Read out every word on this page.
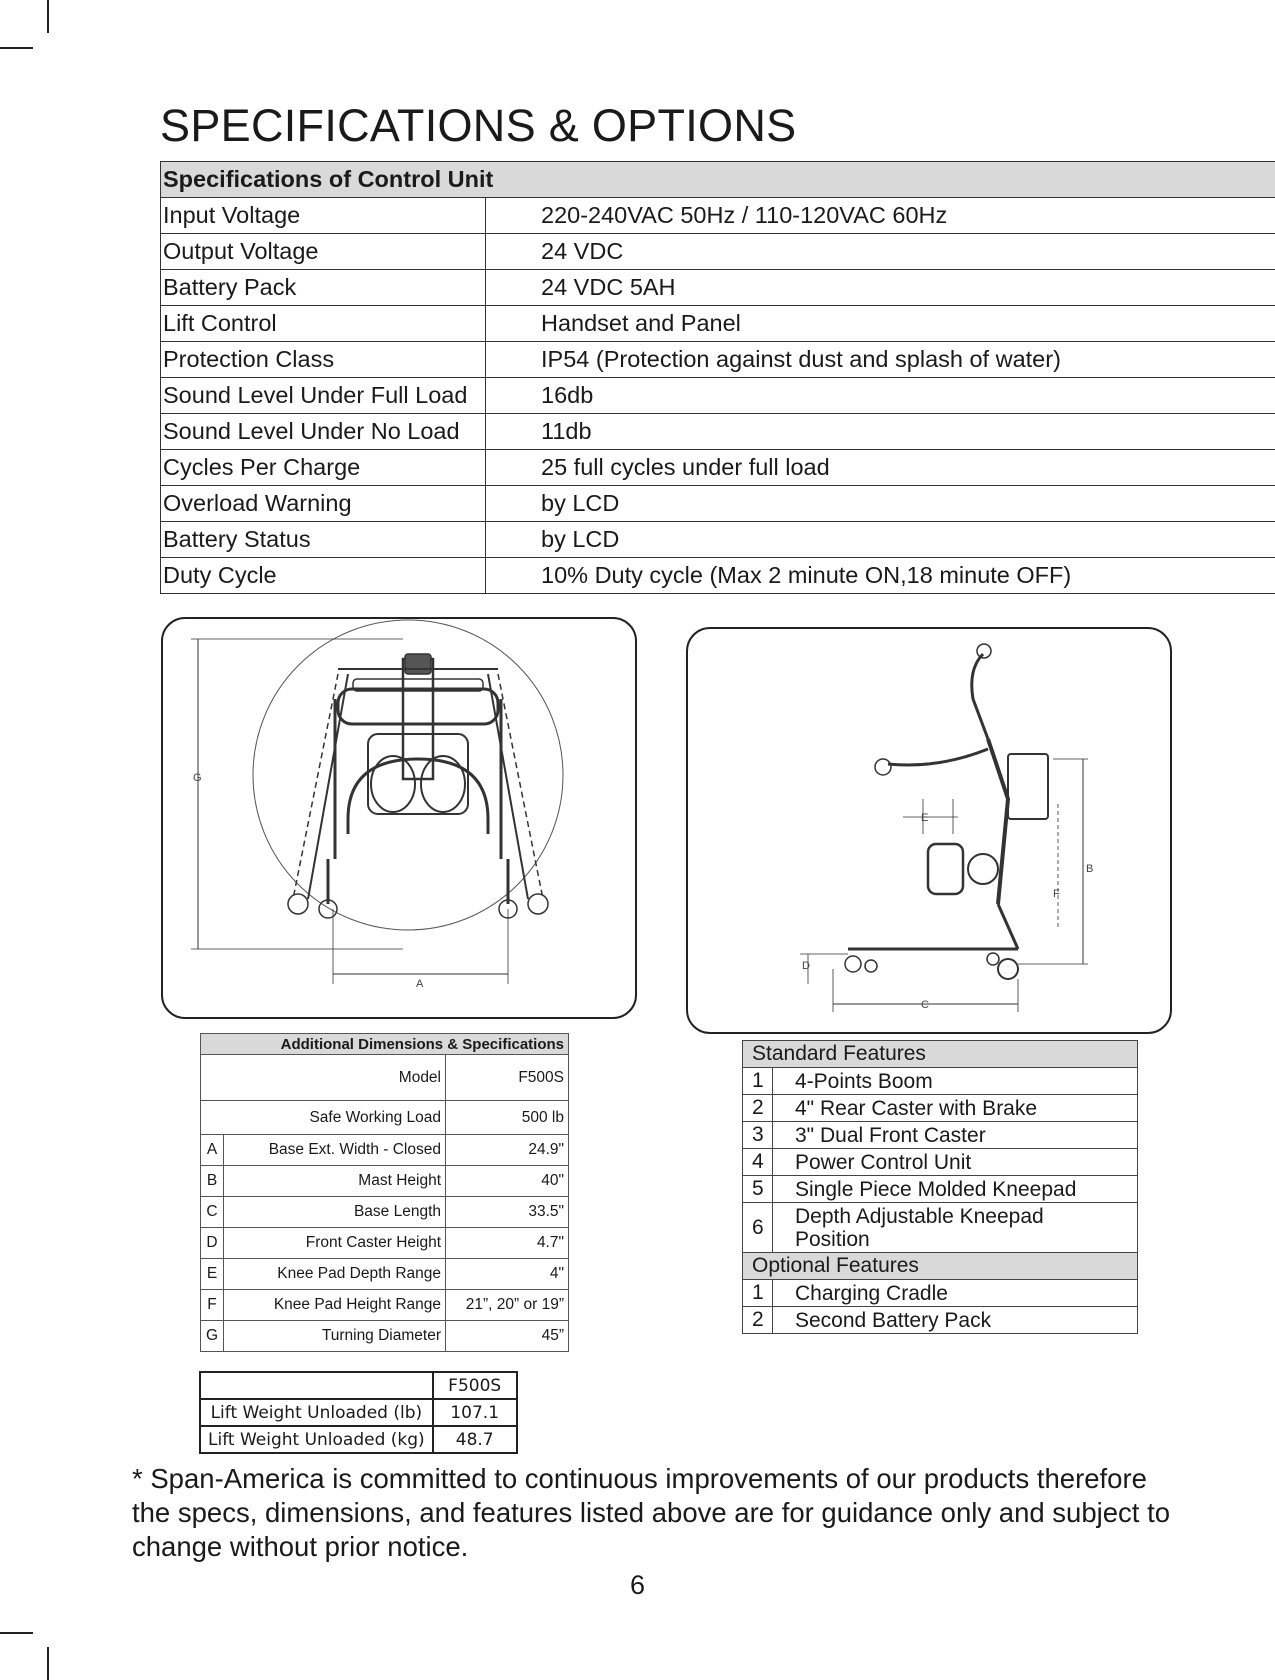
SPECIFICATIONS & OPTIONS
Specifications of Control Unit	
Input Voltage	220-240VAC 50Hz / 110-120VAC 60Hz
Output Voltage	24 VDC
Battery Pack	24 VDC 5AH
Lift Control	Handset and Panel
Protection Class	IP54 (Protection against dust and splash of water)
Sound Level Under Full Load	16db
Sound Level Under No Load	11db
Cycles Per Charge	25 full cycles under full load
Overload Warning	by LCD
Battery Status	by LCD
Duty Cycle	10% Duty cycle (Max 2 minute ON,18 minute OFF)
G
A
E
B
F
D
C
Additional Dimensions & Specifications		
Model		F500S
Safe Working Load		500 lb
A	Base Ext. Width - Closed	24.9"
B	Mast Height	40"
C	Base Length	33.5"
D	Front Caster Height	4.7"
E	Knee Pad Depth Range	4"
F	Knee Pad Height Range	21”, 20” or 19”
G	Turning Diameter	45”
Standard Features	
1	4-Points Boom
2	4" Rear Caster with Brake
3	3" Dual Front Caster
4	Power Control Unit
5	Single Piece Molded Kneepad
6	Depth Adjustable Kneepad Position
Optional Features	
1	Charging Cradle
2	Second Battery Pack
	F500S
Lift Weight Unloaded (lb)	107.1
Lift Weight Unloaded (kg)	48.7
* Span-America is committed to continuous improvements of our products therefore the specs, dimensions, and features listed above are for guidance only and subject to change without prior notice.
6
